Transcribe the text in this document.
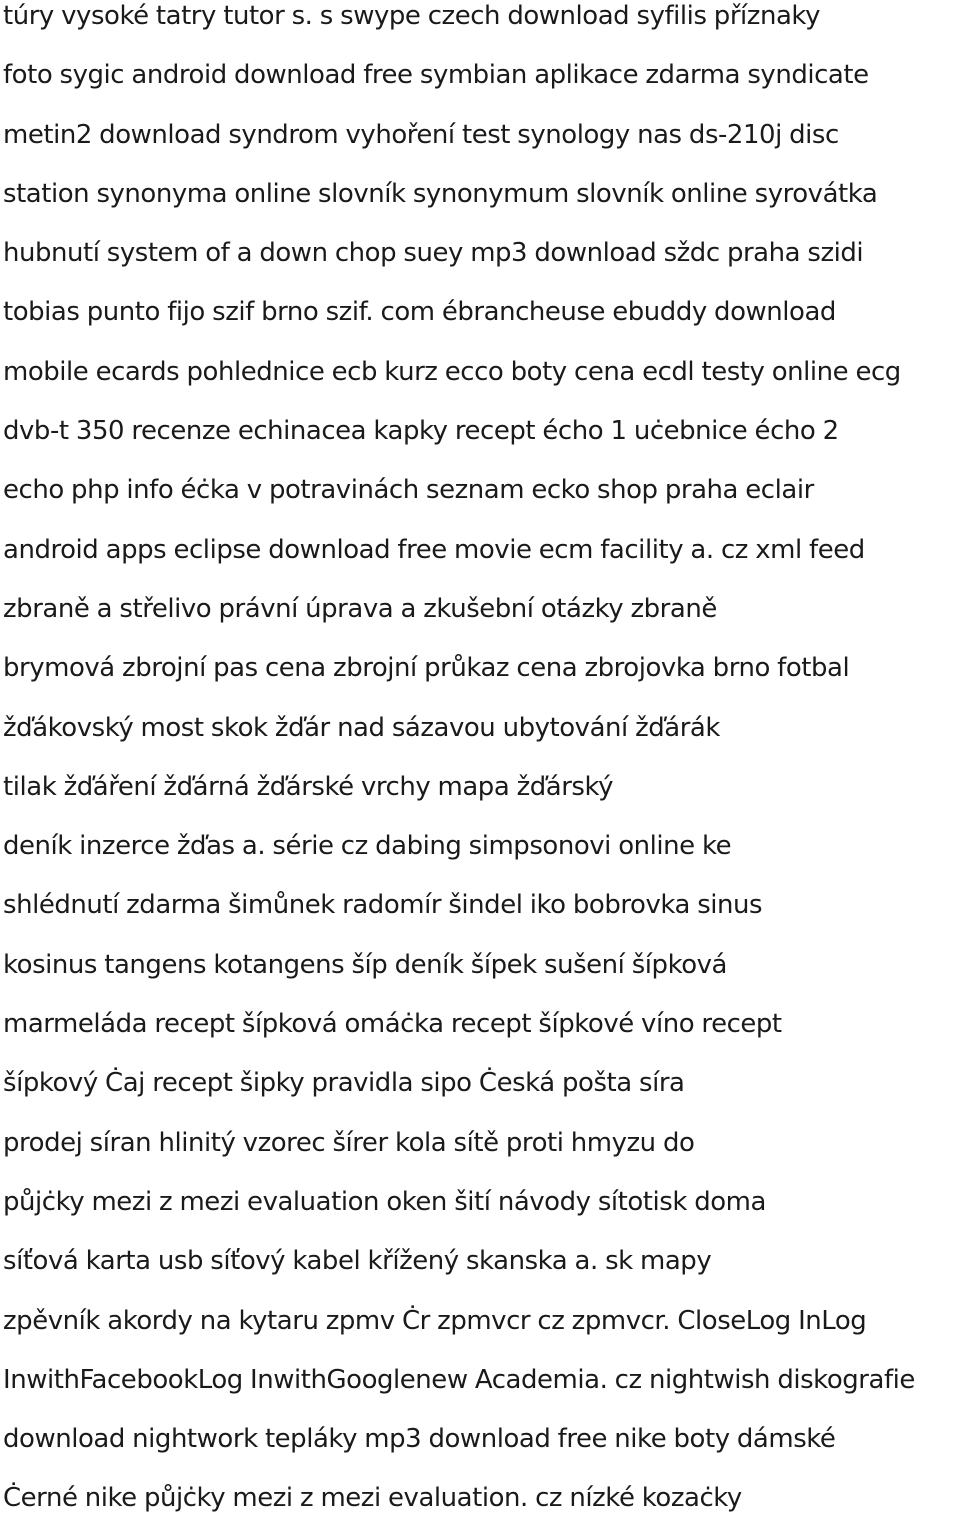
túry vysoké tatry tutor s. s swype czech download syfilis příznaky
foto sygic android download free symbian aplikace zdarma syndicate
metin2 download syndrom vyhoření test synology nas ds-210j disc
station synonyma online slovník synonymum slovník online syrovátka
hubnutí system of a down chop suey mp3 download sždc praha szidi
tobias punto fijo szif brno szif. com ébrancheuse ebuddy download
mobile ecards pohlednice ecb kurz ecco boty cena ecdl testy online ecg
dvb-t 350 recenze echinacea kapky recept écho 1 uċebnice écho 2
echo php info éċka v potravinách seznam ecko shop praha eclair
android apps eclipse download free movie ecm facility a. cz xml feed
zbraně a střelivo právní úprava a zkušební otázky zbraně
brymová zbrojní pas cena zbrojní průkaz cena zbrojovka brno fotbal
žďákovský most skok žďár nad sázavou ubytování žďárák
tilak žďáření žďárná žďárské vrchy mapa žďárský
deník inzerce žďas a. série cz dabing simpsonovi online ke
shlédnutí zdarma šimůnek radomír šindel iko bobrovka sinus
kosinus tangens kotangens šíp deník šípek sušení šípková
marmeláda recept šípková omáċka recept šípkové víno recept
šípkový Ċaj recept šipky pravidla sipo Ċeská pošta síra
prodej síran hlinitý vzorec šírer kola sítě proti hmyzu do
půjċky mezi z mezi evaluation oken šití návody sítotisk doma
síťová karta usb síťový kabel křížený skanska a. sk mapy
zpěvník akordy na kytaru zpmv Ċr zpmvcr cz zpmvcr. CloseLog InLog
InwithFacebookLog InwithGooglenew Academia. cz nightwish diskografie
download nightwork tepláky mp3 download free nike boty dámské
Ċerné nike půjċky mezi z mezi evaluation. cz nízké kozaċky
